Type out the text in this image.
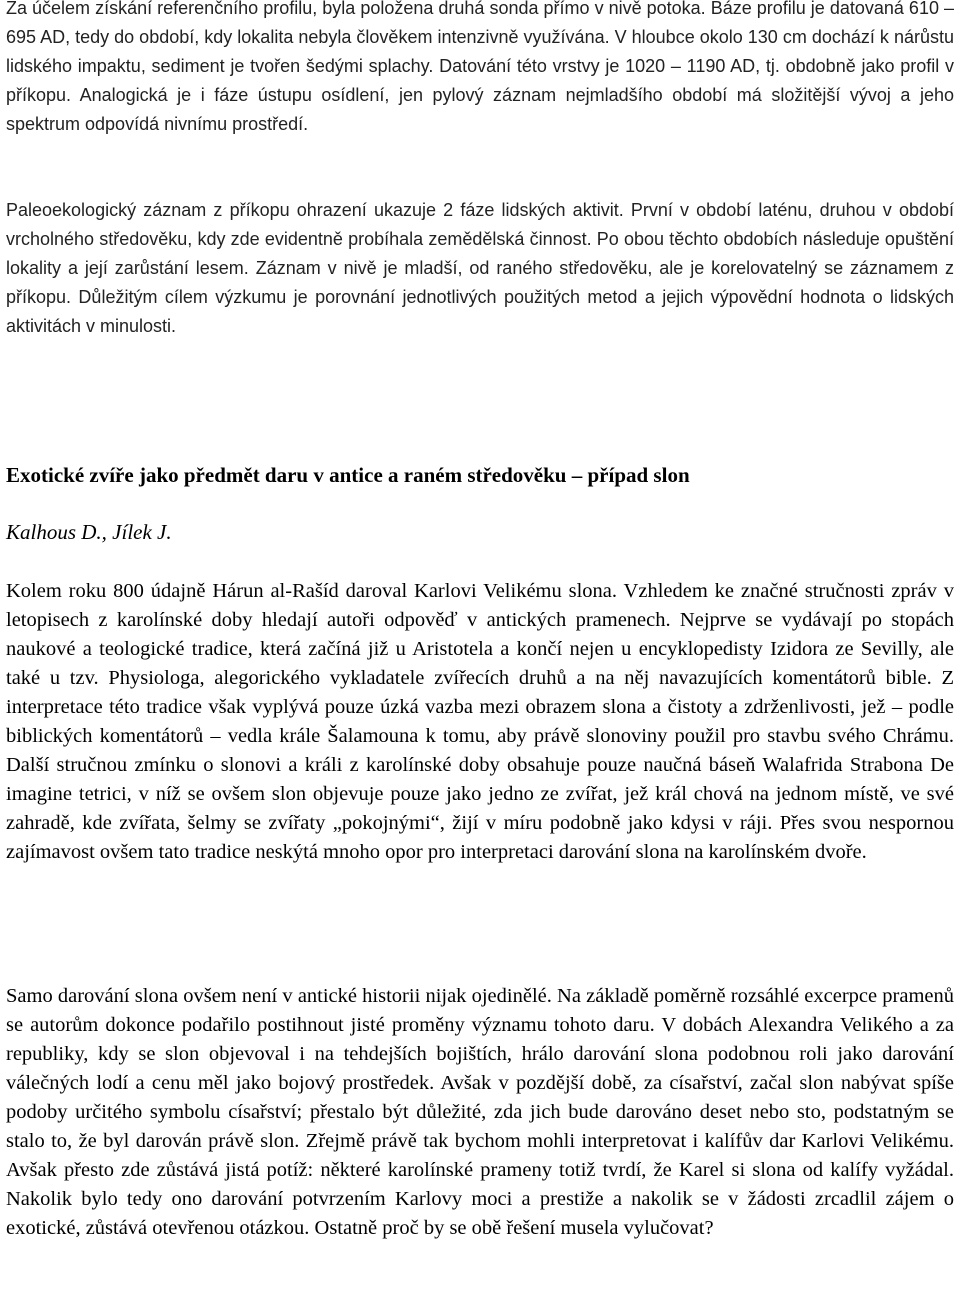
Za účelem získání referenčního profilu, byla položena druhá sonda přímo v nivě potoka. Báze profilu je datovaná 610 – 695 AD, tedy do období, kdy lokalita nebyla člověkem intenzivně využívána. V hloubce okolo 130 cm dochází k nárůstu lidského impaktu, sediment je tvořen šedými splachy. Datování této vrstvy je 1020 – 1190 AD, tj. obdobně jako profil v příkopu. Analogická je i fáze ústupu osídlení, jen pylový záznam nejmladšího období má složitější vývoj a jeho spektrum odpovídá nivnímu prostředí.

Paleoekologický záznam z příkopu ohrazení ukazuje 2 fáze lidských aktivit. První v období laténu, druhou v období vrcholného středověku, kdy zde evidentně probíhala zemědělská činnost. Po obou těchto obdobích následuje opuštění lokality a její zarůstání lesem. Záznam v nivě je mladší, od raného středověku, ale je korelovatelný se záznamem z příkopu. Důležitým cílem výzkumu je porovnání jednotlivých použitých metod a jejich výpovědní hodnota o lidských aktivitách v minulosti.

Exotické zvíře jako předmět daru v antice a raném středověku – případ slon

Kalhous D., Jílek J.

Kolem roku 800 údajně Hárun al-Rašíd daroval Karlovi Velikému slona. Vzhledem ke značné stručnosti zpráv v letopisech z karolínské doby hledají autoři odpověď v antických pramenech. Nejprve se vydávají po stopách naukové a teologické tradice, která začíná již u Aristotela a končí nejen u encyklopedisty Izidora ze Sevilly, ale také u tzv. Physiologa, alegorického vykladatele zvířecích druhů a na něj navazujících komentátorů bible. Z interpretace této tradice však vyplývá pouze úzká vazba mezi obrazem slona a čistoty a zdrženlivosti, jež – podle biblických komentátorů – vedla krále Šalamouna k tomu, aby právě slonoviny použil pro stavbu svého Chrámu. Další stručnou zmínku o slonovi a králi z karolínské doby obsahuje pouze naučná báseň Walafrida Strabona De imagine tetrici, v níž se ovšem slon objevuje pouze jako jedno ze zvířat, jež král chová na jednom místě, ve své zahradě, kde zvířata, šelmy se zvířaty „pokojnými“, žijí v míru podobně jako kdysi v ráji. Přes svou nespornou zajímavost ovšem tato tradice neskýtá mnoho opor pro interpretaci darování slona na karolínském dvoře.

Samo darování slona ovšem není v antické historii nijak ojedinělé. Na základě poměrně rozsáhlé excerpce pramenů se autorům dokonce podařilo postihnout jisté proměny významu tohoto daru. V dobách Alexandra Velikého a za republiky, kdy se slon objevoval i na tehdejších bojištích, hrálo darování slona podobnou roli jako darování válečných lodí a cenu měl jako bojový prostředek. Avšak v pozdější době, za císařství, začal slon nabývat spíše podoby určitého symbolu císařství; přestalo být důležité, zda jich bude darováno deset nebo sto, podstatným se stalo to, že byl darován právě slon. Zřejmě právě tak bychom mohli interpretovat i kalífův dar Karlovi Velikému. Avšak přesto zde zůstává jistá potíž: některé karolínské prameny totiž tvrdí, že Karel si slona od kalífy vyžádal. Nakolik bylo tedy ono darování potvrzením Karlovy moci a prestiže a nakolik se v žádosti zrcadlil zájem o exotické, zůstává otevřenou otázkou. Ostatně proč by se obě řešení musela vylučovat?
